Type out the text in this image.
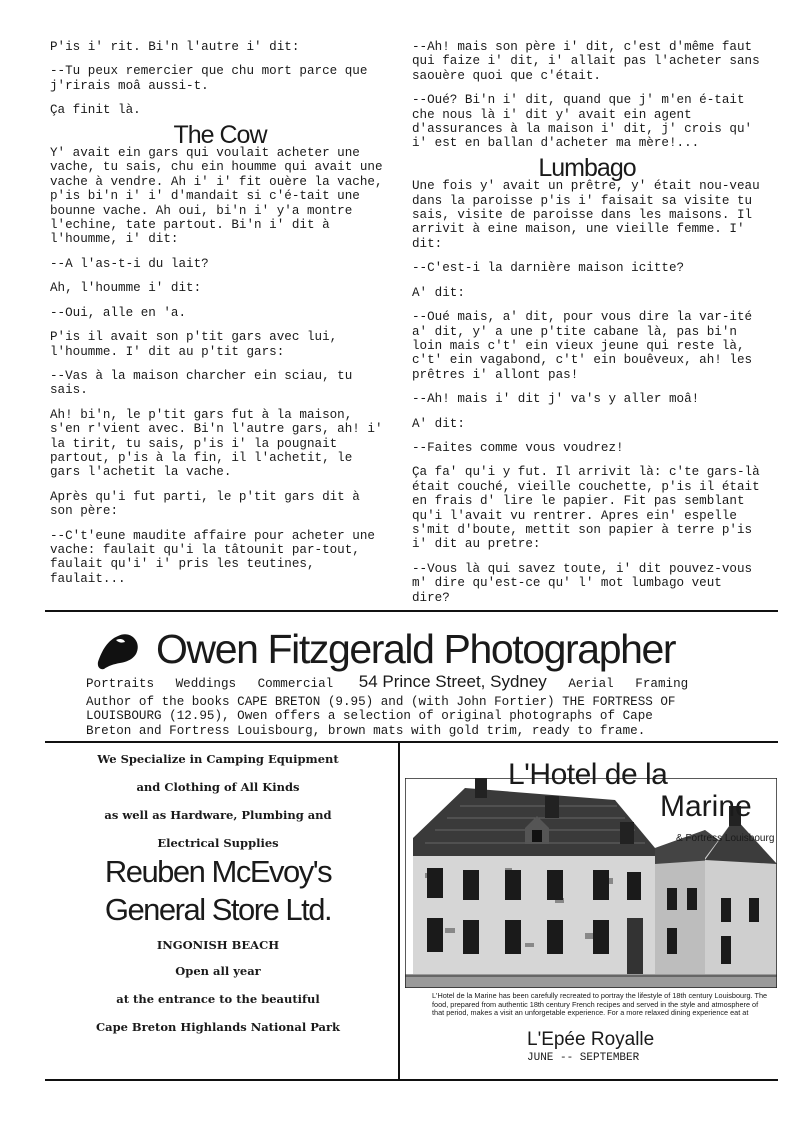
P'is i' rit. Bi'n l'autre i' dit:

--Tu peux remercier que chu mort parce que j'rirais moâ aussi-t.

Ça finit là.

The Cow

Y' avait ein gars qui voulait acheter une vache, tu sais, chu ein hoummе qui avait une vache à vendre. Ah i' i' fit ouère la vache, p'is bi'n i' i' d'mandait si c'é-tait une bounne vache. Ah oui, bi'n i' y'a montre l'echine, tate partout. Bi'n i' dit à l'houmme, i' dit:

--A l'as-t-i du lait?

Ah, l'houmme i' dit:

--Oui, alle en 'a.

P'is il avait son p'tit gars avec lui, l'houmme. I' dit au p'tit gars:

--Vas à la maison charcher ein sciau, tu sais.

Ah! bi'n, le p'tit gars fut à la maison, s'en r'vient avec. Bi'n l'autre gars, ah! i' la tirit, tu sais, p'is i' la pougnait partout, p'is à la fin, il l'achetit, le gars l'achetit la vache.

Après qu'i fut parti, le p'tit gars dit à son père:

--C't'eune maudite affaire pour acheter une vache: faulait qu'i la tâtounit par-tout, faulait qu'i' i' pris les teutines, faulait...

--Ah! mais son père i' dit, c'est d'même faut qui faize i' dit, i' allait pas l'acheter sans saouère quoi que c'était.

--Oué? Bi'n i' dit, quand que j' m'en é-tait che nous là i' dit y' avait ein agent d'assurances à la maison i' dit, j' crois qu' i' est en ballan d'acheter ma mère!...

Lumbago

Une fois y' avait un prêtre, y' était nou-veau dans la paroisse p'is i' faisait sa visite tu sais, visite de paroisse dans les maisons. Il arrivit à eine maison, une vieille femme. I' dit:

--C'est-i la darnière maison icitte?

A' dit:

--Oué mais, a' dit, pour vous dire la var-ité a' dit, y' a une p'tite cabane là, pas bi'n loin mais c't' ein vieux jeune qui reste là, c't' ein vagabond, c't' ein bouêveux, ah! les prêtres i' allont pas!

--Ah! mais i' dit j' va's y aller moâ!

A' dit:

--Faites comme vous voudrez!

Ça fa' qu'i y fut. Il arrivit là: c'te gars-là était couché, vieille couchette, p'is il était en frais d' lire le papier. Fit pas semblant qu'i l'avait vu rentrer. Apres ein' espelle s'mit d'boute, mettit son papier à terre p'is i' dit au pretre:

--Vous là qui savez toute, i' dit pouvez-vous m' dire qu'est-ce qu' l' mot lumbago veut dire?

Owen Fitzgerald Photographer
Portraits Weddings Commercial 54 Prince Street, Sydney Aerial Framing
Author of the books CAPE BRETON (9.95) and (with John Fortier) THE FORTRESS OF
LOUISBOURG (12.95), Owen offers a selection of original photographs of Cape
Breton and Fortress Louisbourg, brown mats with gold trim, ready to frame.
We Specialize in Camping Equipment
and Clothing of All Kinds
as well as Hardware, Plumbing and
Electrical Supplies
Reuben McEvoy's
General Store Ltd.
INGONISH BEACH
Open all year
at the entrance to the beautiful
Cape Breton Highlands National Park
L'Hotel de la
Marine
& Fortress Louisbourg
L'Hotel de la Marine has been carefully recreated to portray the lifestyle of 18th century Louisbourg. The food, prepared from authentic 18th century French recipes and served in the style and atmosphere of that period, makes a visit an unforgetable experience. For a more relaxed dining experience eat at
L'Epée Royalle
JUNE -- SEPTEMBER
